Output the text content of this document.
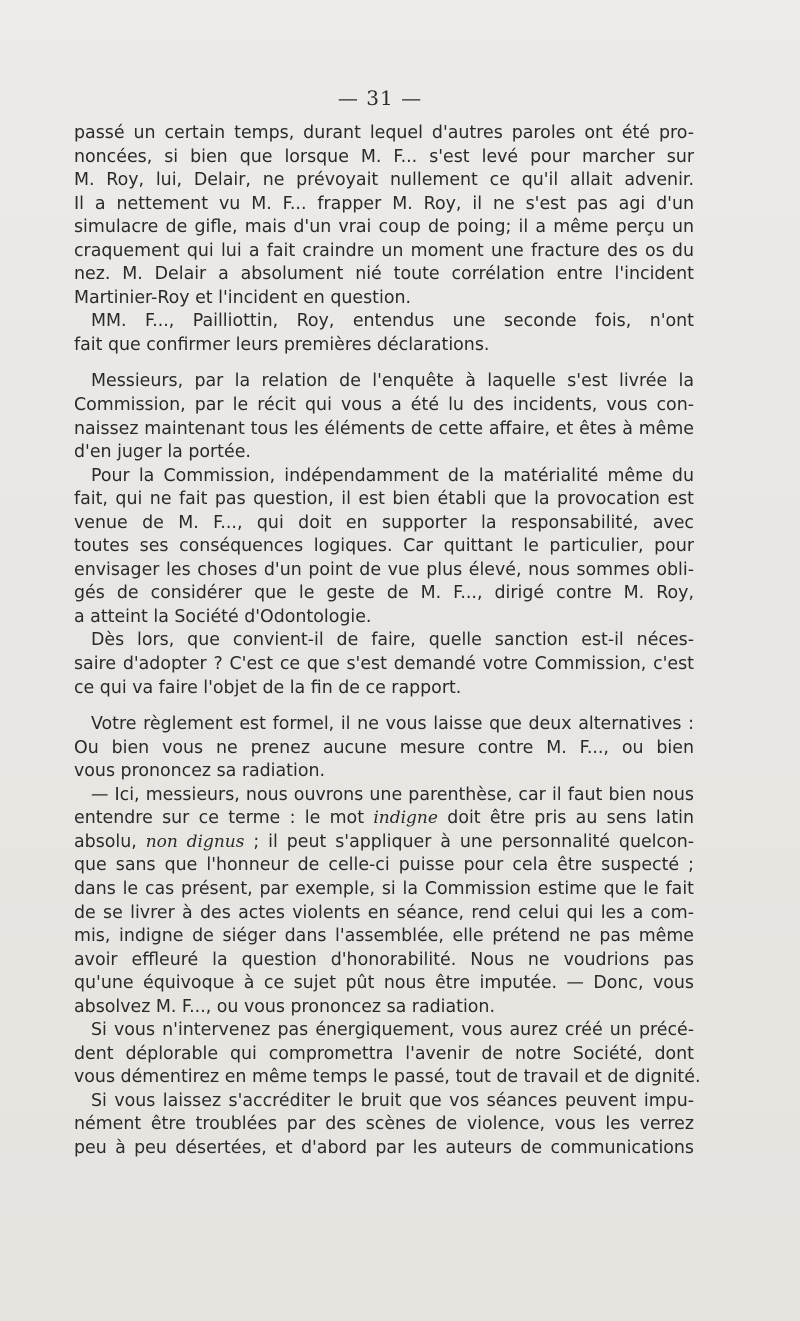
— 31 —
passé un certain temps, durant lequel d'autres paroles ont été pro-
noncées, si bien que lorsque M. F... s'est levé pour marcher sur
M. Roy, lui, Delair, ne prévoyait nullement ce qu'il allait advenir.
Il a nettement vu M. F... frapper M. Roy, il ne s'est pas agi d'un
simulacre de gifle, mais d'un vrai coup de poing; il a même perçu un
craquement qui lui a fait craindre un moment une fracture des os du
nez. M. Delair a absolument nié toute corrélation entre l'incident
Martinier-Roy et l'incident en question.
MM. F..., Pailliottin, Roy, entendus une seconde fois, n'ont
fait que confirmer leurs premières déclarations.
Messieurs, par la relation de l'enquête à laquelle s'est livrée la
Commission, par le récit qui vous a été lu des incidents, vous con-
naissez maintenant tous les éléments de cette affaire, et êtes à même
d'en juger la portée.
Pour la Commission, indépendamment de la matérialité même du
fait, qui ne fait pas question, il est bien établi que la provocation est
venue de M. F..., qui doit en supporter la responsabilité, avec
toutes ses conséquences logiques. Car quittant le particulier, pour
envisager les choses d'un point de vue plus élevé, nous sommes obli-
gés de considérer que le geste de M. F..., dirigé contre M. Roy,
a atteint la Société d'Odontologie.
Dès lors, que convient-il de faire, quelle sanction est-il néces-
saire d'adopter ? C'est ce que s'est demandé votre Commission, c'est
ce qui va faire l'objet de la fin de ce rapport.
Votre règlement est formel, il ne vous laisse que deux alternatives :
Ou bien vous ne prenez aucune mesure contre M. F..., ou bien
vous prononcez sa radiation.
— Ici, messieurs, nous ouvrons une parenthèse, car il faut bien nous
entendre sur ce terme : le mot indigne doit être pris au sens latin
absolu, non dignus ; il peut s'appliquer à une personnalité quelcon-
que sans que l'honneur de celle-ci puisse pour cela être suspecté ;
dans le cas présent, par exemple, si la Commission estime que le fait
de se livrer à des actes violents en séance, rend celui qui les a com-
mis, indigne de siéger dans l'assemblée, elle prétend ne pas même
avoir effleuré la question d'honorabilité. Nous ne voudrions pas
qu'une équivoque à ce sujet pût nous être imputée. — Donc, vous
absolvez M. F..., ou vous prononcez sa radiation.
Si vous n'intervenez pas énergiquement, vous aurez créé un précé-
dent déplorable qui compromettra l'avenir de notre Société, dont
vous démentirez en même temps le passé, tout de travail et de dignité.
Si vous laissez s'accréditer le bruit que vos séances peuvent impu-
nément être troublées par des scènes de violence, vous les verrez
peu à peu désertées, et d'abord par les auteurs de communications
